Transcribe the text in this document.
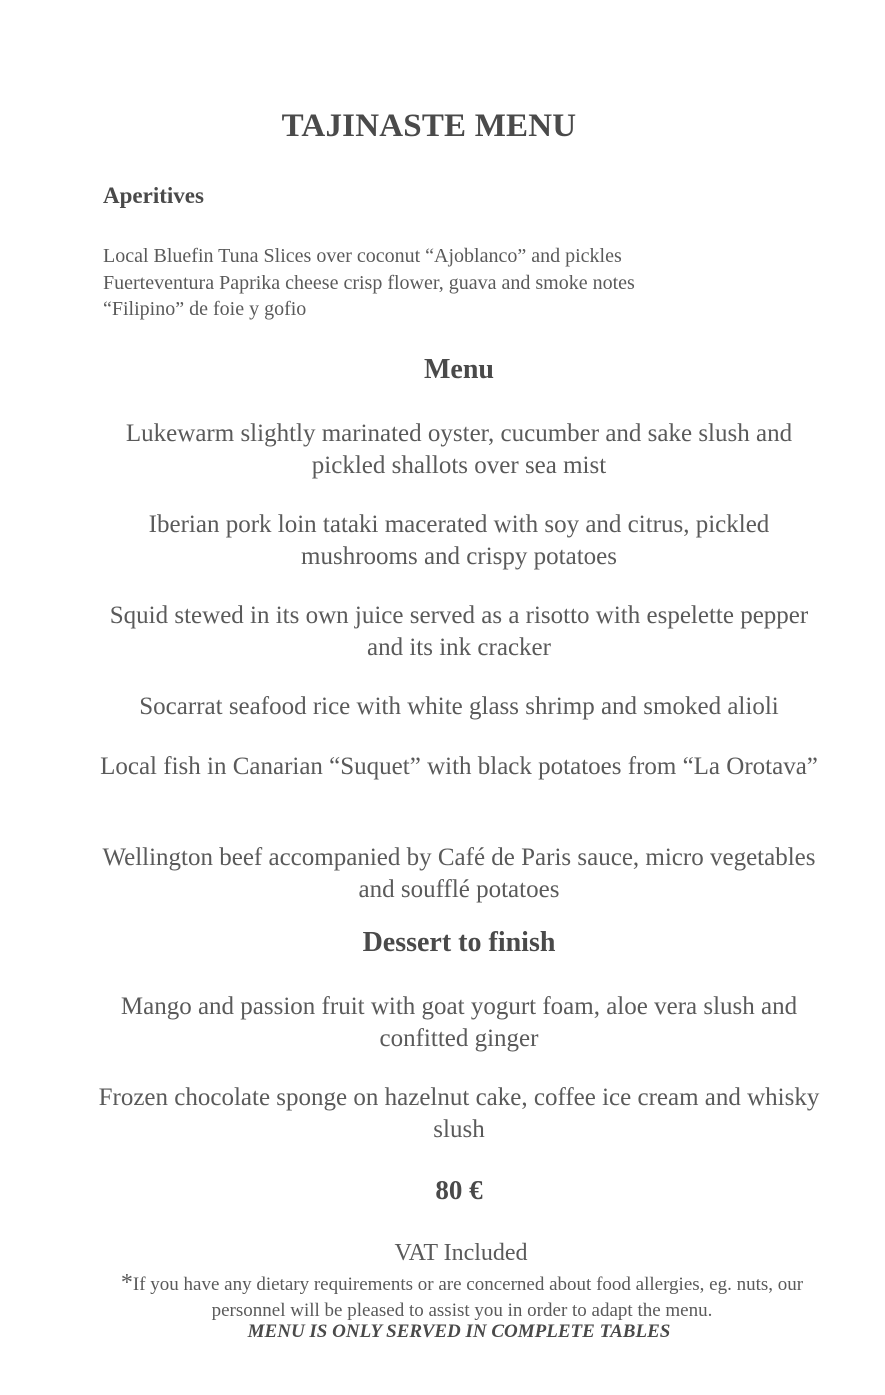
TAJINASTE MENU
Aperitives
Local Bluefin Tuna Slices over coconut “Ajoblanco” and pickles
Fuerteventura Paprika cheese crisp flower, guava and smoke notes
“Filipino” de foie y gofio
Menu

Lukewarm slightly marinated oyster, cucumber and sake slush and pickled shallots over sea mist

Iberian pork loin tataki macerated with soy and citrus, pickled mushrooms and crispy potatoes

Squid stewed in its own juice served as a risotto with espelette pepper and its ink cracker

Socarrat seafood rice with white glass shrimp and smoked alioli

Local fish in Canarian “Suquet” with black potatoes from “La Orotava”

Wellington beef accompanied by Café de Paris sauce, micro vegetables and soufflé potatoes

Dessert to finish

Mango and passion fruit with goat yogurt foam, aloe vera slush and confitted ginger

Frozen chocolate sponge on hazelnut cake, coffee ice cream and whisky slush

80 €

VAT Included

*If you have any dietary requirements or are concerned about food allergies, eg. nuts, our personnel will be pleased to assist you in order to adapt the menu.

MENU IS ONLY SERVED IN COMPLETE TABLES
